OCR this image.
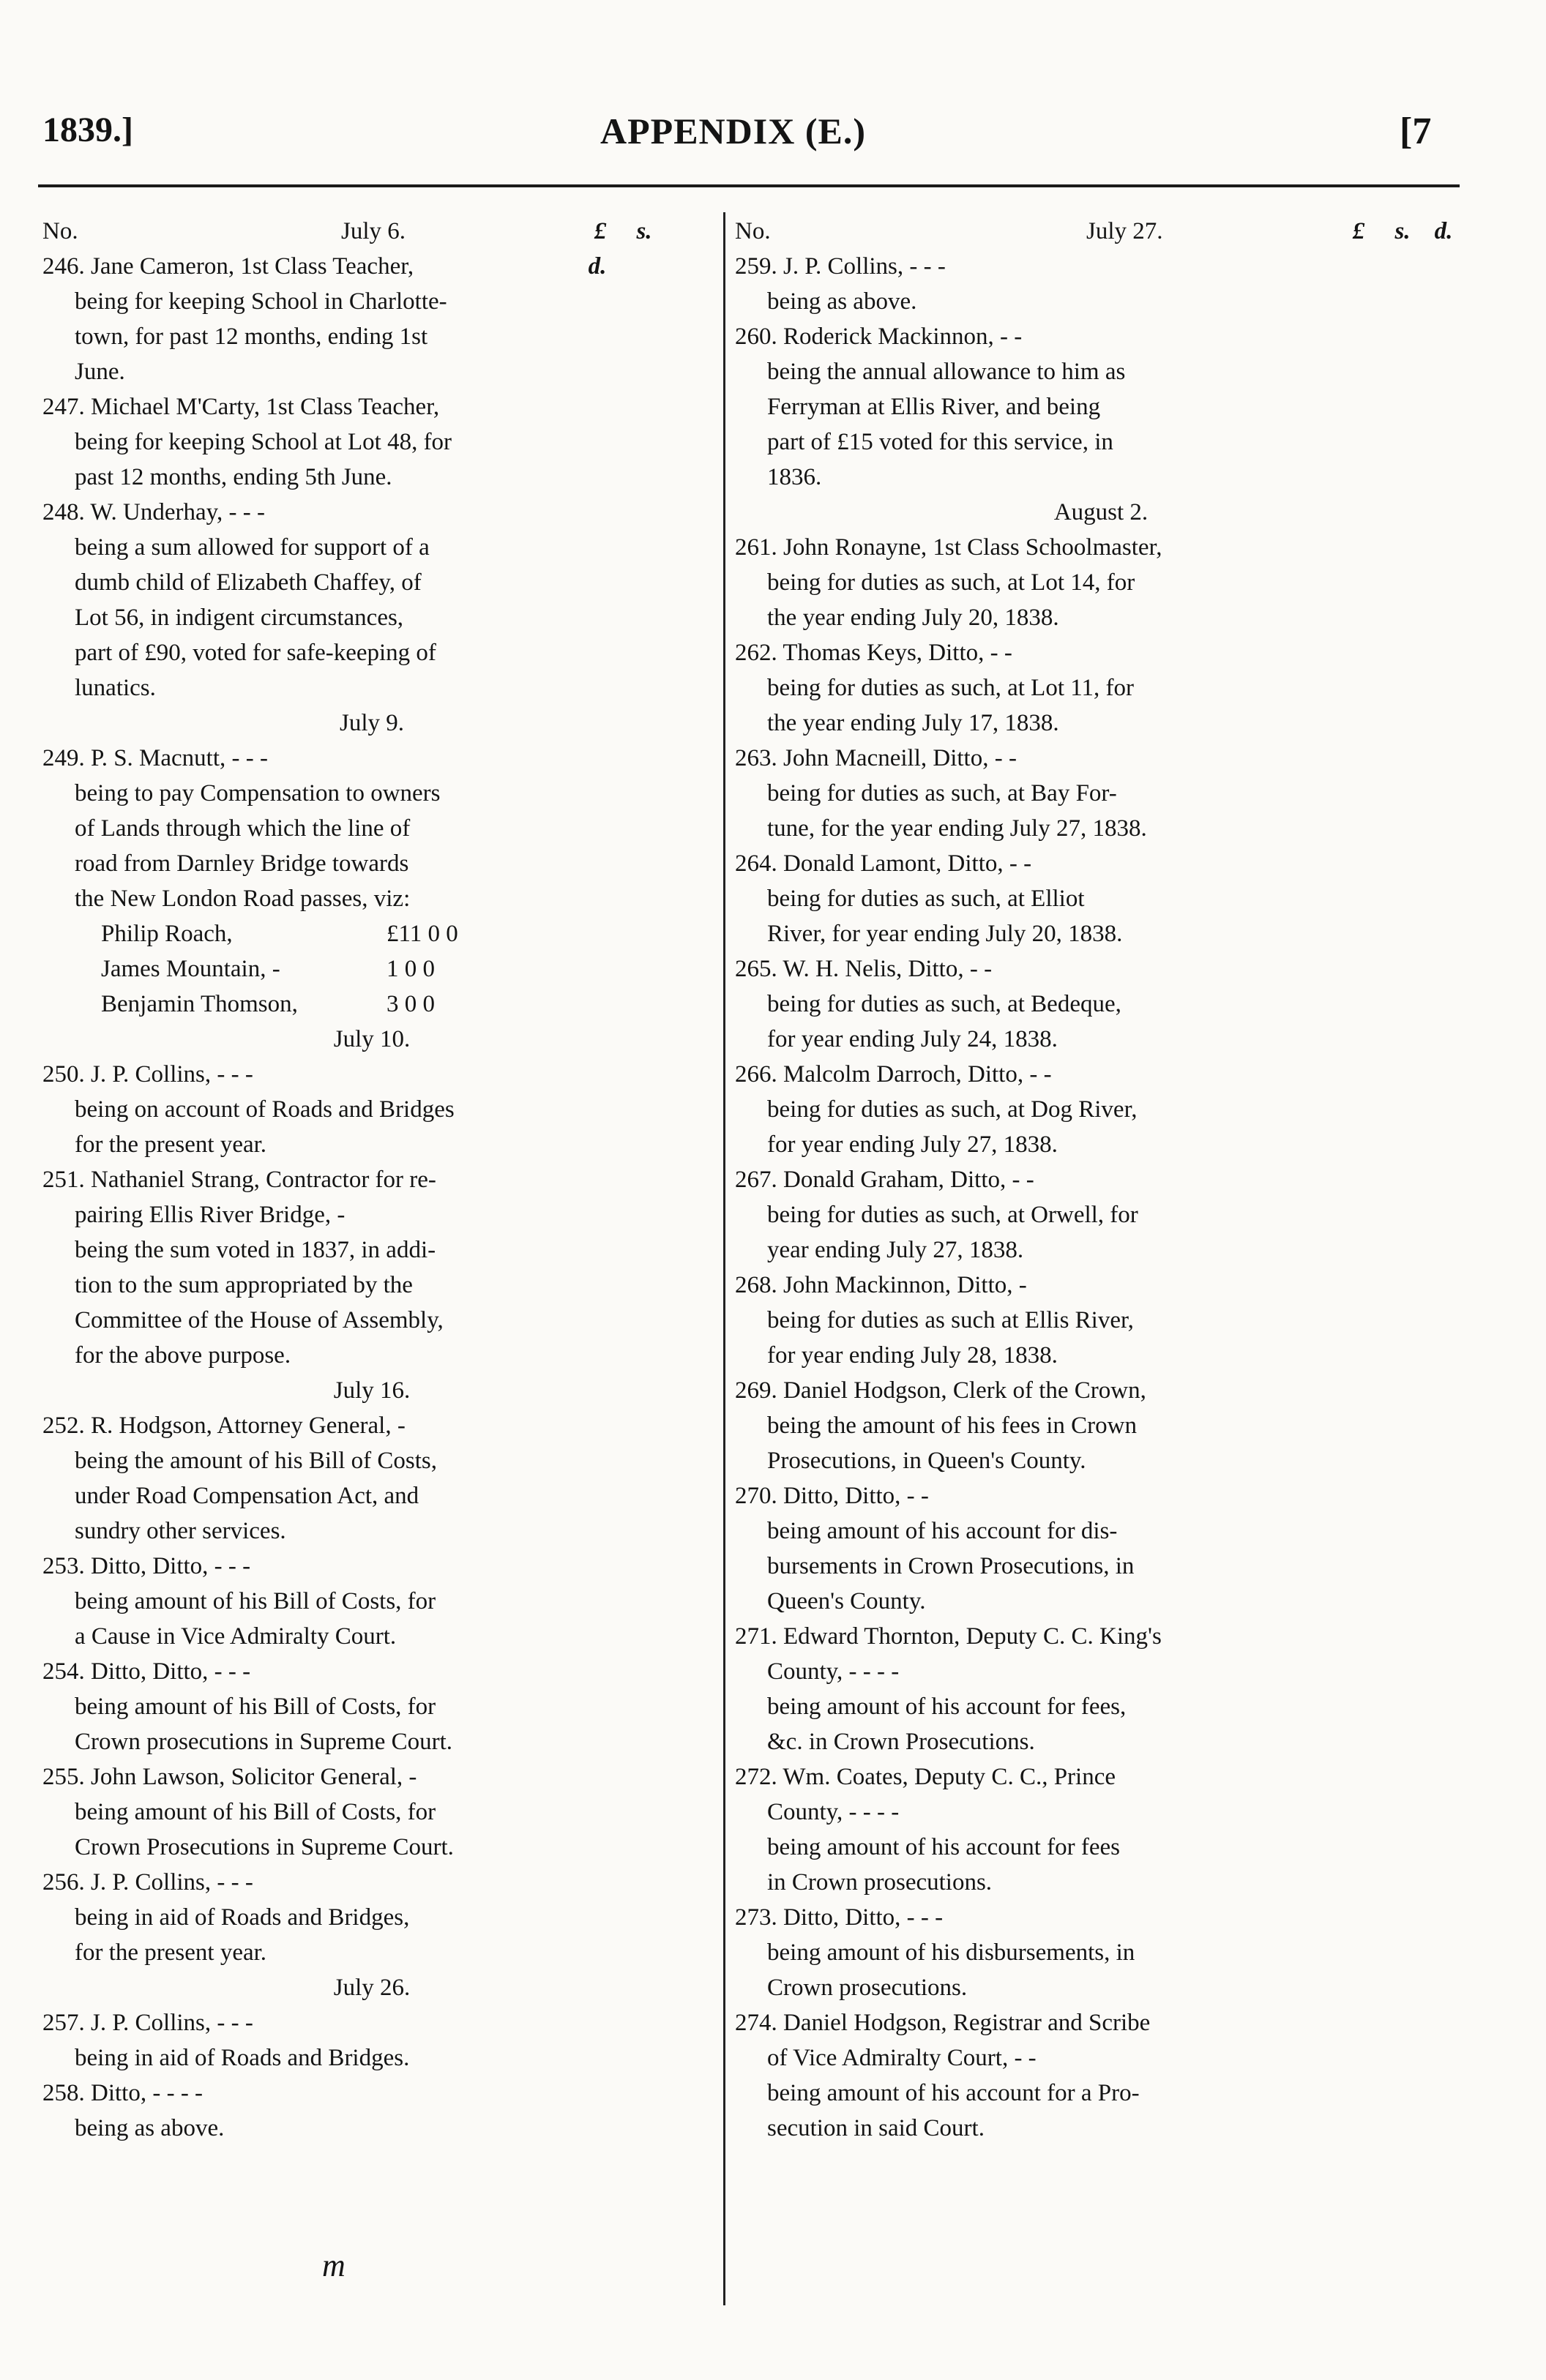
1839.]	APPENDIX (E.)	[7
No.	£ s.d.
July 6.
246. Jane Cameron, 1st Class Teacher,
being for keeping School in Charlotte-
town, for past 12 months, ending 1st
June.
247. Michael M'Carty, 1st Class Teacher,
being for keeping School at Lot 48, for
past 12 months, ending 5th June.
248. W. Underhay, - - -
being a sum allowed for support of a
dumb child of Elizabeth Chaffey, of
Lot 56, in indigent circumstances,
part of £90, voted for safe-keeping of
lunatics.
July 9.
249. P. S. Macnutt, - - -
being to pay Compensation to owners
of Lands through which the line of
road from Darnley Bridge towards
the New London Road passes, viz:
Philip Roach,	£11 0 0
James Mountain, -	1 0 0
Benjamin Thomson,	3 0 0
July 10.
250. J. P. Collins, - - -
being on account of Roads and Bridges
for the present year.
251. Nathaniel Strang, Contractor for re-
pairing Ellis River Bridge, -
being the sum voted in 1837, in addi-
tion to the sum appropriated by the
Committee of the House of Assembly,
for the above purpose.
July 16.
252. R. Hodgson, Attorney General, -
being the amount of his Bill of Costs,
under Road Compensation Act, and
sundry other services.
253. Ditto, Ditto, - - -
being amount of his Bill of Costs, for
a Cause in Vice Admiralty Court.
254. Ditto, Ditto, - - -
being amount of his Bill of Costs, for
Crown prosecutions in Supreme Court.
255. John Lawson, Solicitor General, -
being amount of his Bill of Costs, for
Crown Prosecutions in Supreme Court.
256. J. P. Collins, - - -
being in aid of Roads and Bridges,
for the present year.
July 26.
257. J. P. Collins, - - -
being in aid of Roads and Bridges.
258. Ditto, - - - -
being as above.
No.	£ s. d.
July 27.
259. J. P. Collins, - - -
being as above.
260. Roderick Mackinnon, - -
being the annual allowance to him as
Ferryman at Ellis River, and being
part of £15 voted for this service, in
1836.
August 2.
261. John Ronayne, 1st Class Schoolmaster,
being for duties as such, at Lot 14, for
the year ending July 20, 1838.
262. Thomas Keys, Ditto, - -
being for duties as such, at Lot 11, for
the year ending July 17, 1838.
263. John Macneill, Ditto, - -
being for duties as such, at Bay For-
tune, for the year ending July 27, 1838.
264. Donald Lamont, Ditto, - -
being for duties as such, at Elliot
River, for year ending July 20, 1838.
265. W. H. Nelis, Ditto, - -
being for duties as such, at Bedeque,
for year ending July 24, 1838.
266. Malcolm Darroch, Ditto, - -
being for duties as such, at Dog River,
for year ending July 27, 1838.
267. Donald Graham, Ditto, - -
being for duties as such, at Orwell, for
year ending July 27, 1838.
268. John Mackinnon, Ditto, -
being for duties as such at Ellis River,
for year ending July 28, 1838.
269. Daniel Hodgson, Clerk of the Crown,
being the amount of his fees in Crown
Prosecutions, in Queen's County.
270. Ditto, Ditto, - -
being amount of his account for dis-
bursements in Crown Prosecutions, in
Queen's County.
271. Edward Thornton, Deputy C. C. King's
County, - - - -
being amount of his account for fees,
&c. in Crown Prosecutions.
272. Wm. Coates, Deputy C. C., Prince
County, - - - -
being amount of his account for fees
in Crown prosecutions.
273. Ditto, Ditto, - - -
being amount of his disbursements, in
Crown prosecutions.
274. Daniel Hodgson, Registrar and Scribe
of Vice Admiralty Court, - -
being amount of his account for a Pro-
secution in said Court.
m
